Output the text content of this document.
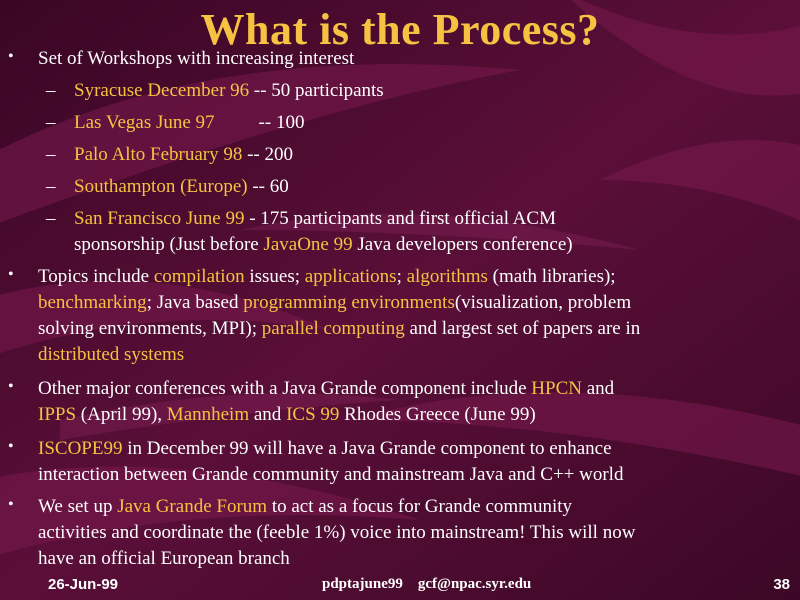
What is the Process?
• Set of Workshops with increasing interest
– Syracuse December 96 -- 50 participants
– Las Vegas June 97 -- 100
– Palo Alto February 98 -- 200
– Southampton (Europe) -- 60
– San Francisco June 99 - 175 participants and first official ACM
sponsorship (Just before JavaOne 99 Java developers conference)
• Topics include compilation issues; applications; algorithms (math libraries);
benchmarking; Java based programming environments(visualization, problem
solving environments, MPI); parallel computing and largest set of papers are in
distributed systems
• Other major conferences with a Java Grande component include HPCN and
IPPS (April 99), Mannheim and ICS 99 Rhodes Greece (June 99)
• ISCOPE99 in December 99 will have a Java Grande component to enhance
interaction between Grande community and mainstream Java and C++ world
• We set up Java Grande Forum to act as a focus for Grande community
activities and coordinate the (feeble 1%) voice into mainstream! This will now
have an official European branch
26-Jun-99	pdptajune99    gcf@npac.syr.edu	38
